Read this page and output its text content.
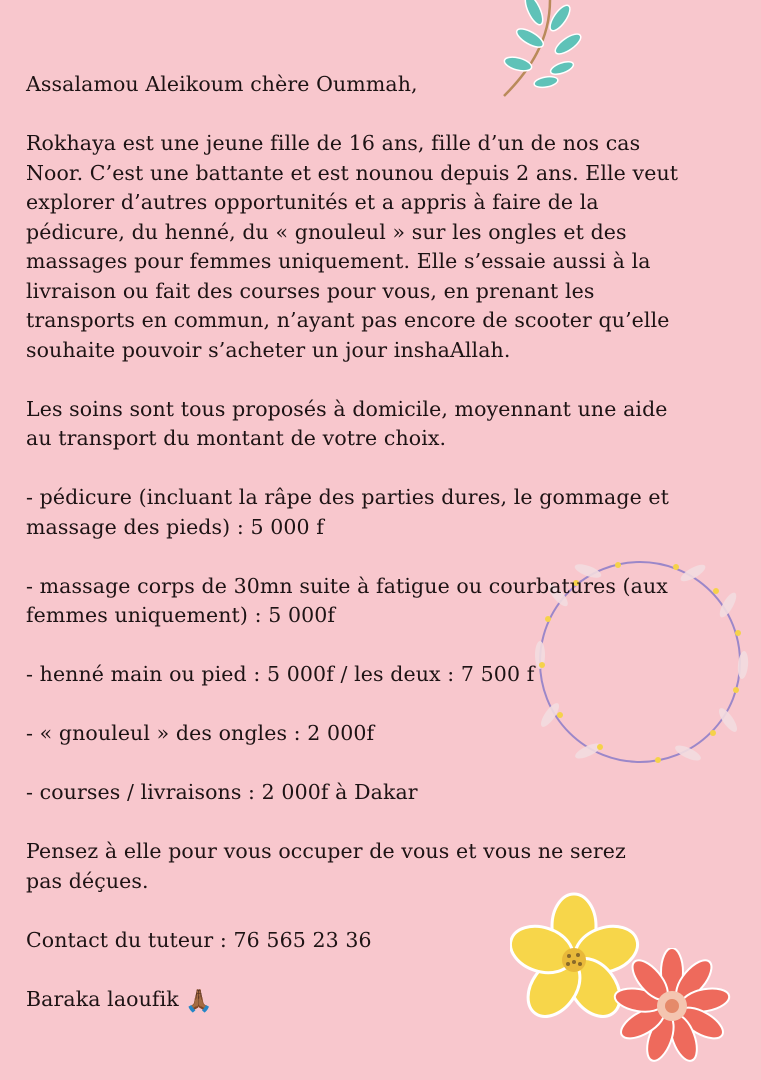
Assalamou Aleikoum chère Oummah,

Rokhaya est une jeune fille de 16 ans, fille d’un de nos cas
Noor. C’est une battante et est nounou depuis 2 ans. Elle veut
explorer d’autres opportunités et a appris à faire de la
pédicure, du henné, du « gnouleul » sur les ongles et des
massages pour femmes uniquement. Elle s’essaie aussi à la
livraison ou fait des courses pour vous, en prenant les
transports en commun, n’ayant pas encore de scooter qu’elle
souhaite pouvoir s’acheter un jour inshaAllah.

Les soins sont tous proposés à domicile, moyennant une aide
au transport du montant de votre choix.

- pédicure (incluant la râpe des parties dures, le gommage et
massage des pieds) : 5 000 f

- massage corps de 30mn suite à fatigue ou courbatures (aux
femmes uniquement) : 5 000f

- henné main ou pied : 5 000f / les deux : 7 500 f

- « gnouleul » des ongles : 2 000f

- courses / livraisons : 2 000f à Dakar

Pensez à elle pour vous occuper de vous et vous ne serez
pas déçues.

Contact du tuteur : 76 565 23 36

Baraka laoufik 🙏🏾
